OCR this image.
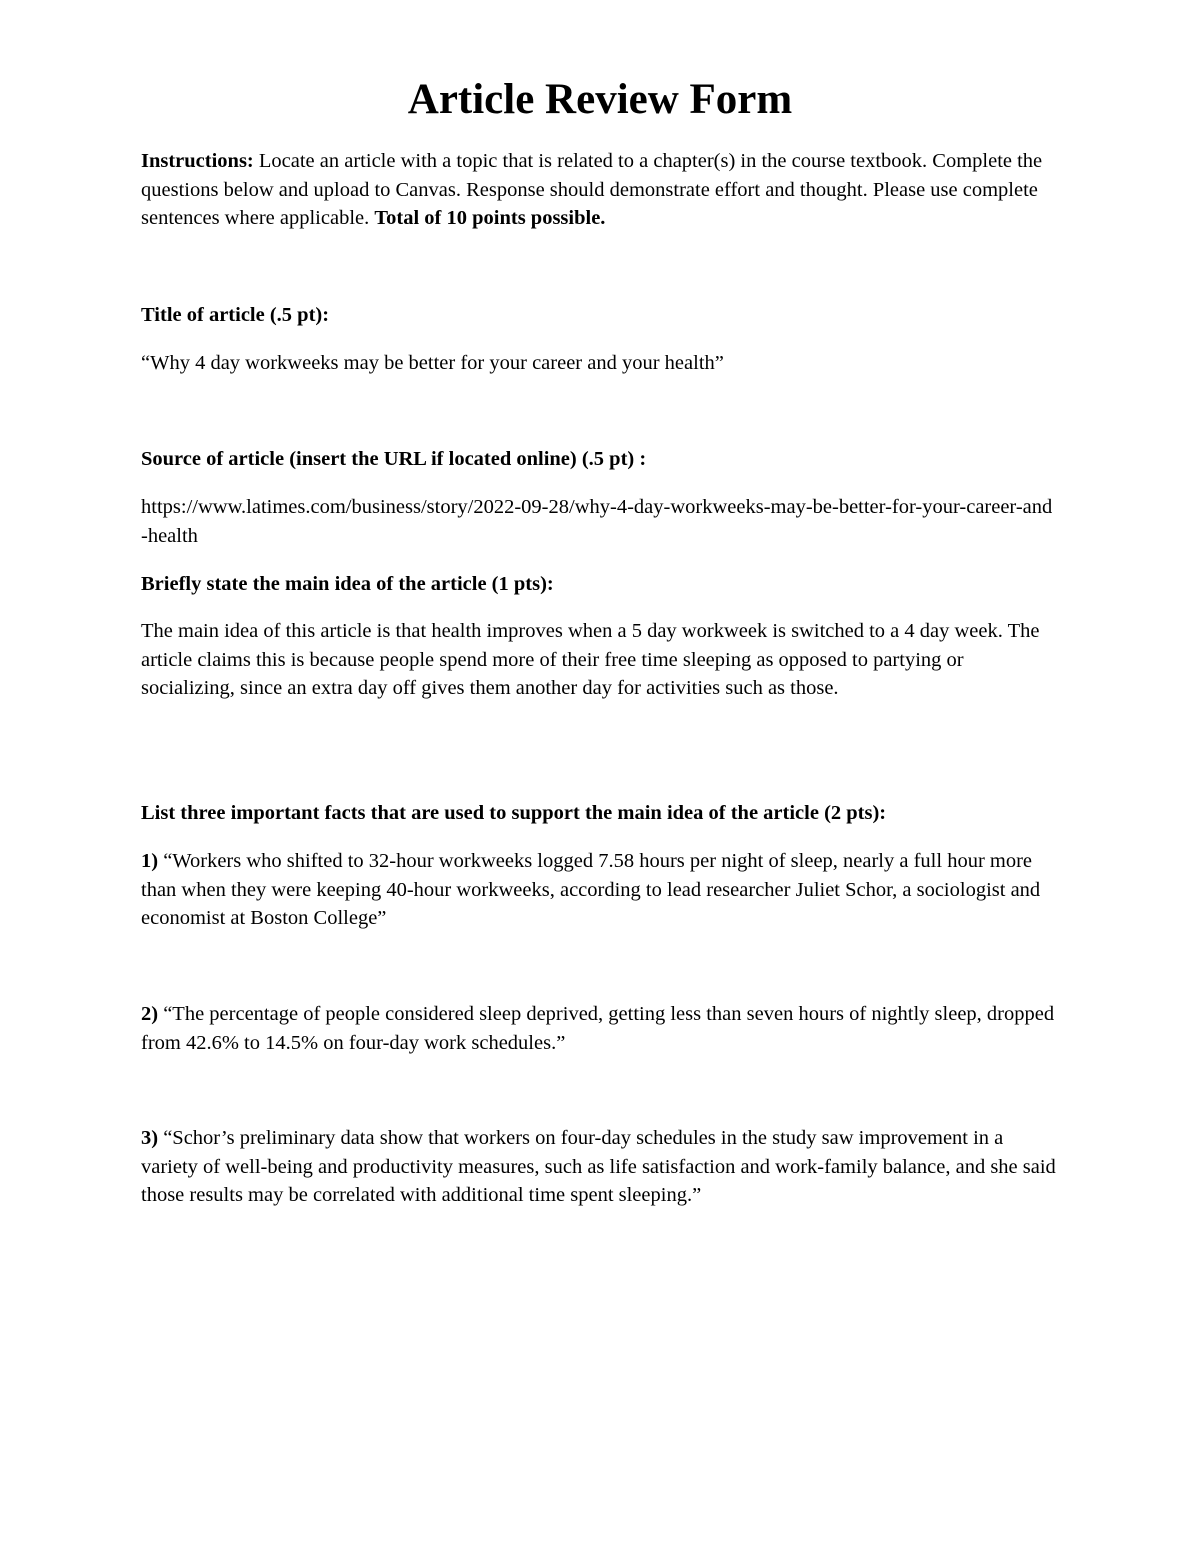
Article Review Form

Instructions: Locate an article with a topic that is related to a chapter(s) in the course textbook. Complete the questions below and upload to Canvas. Response should demonstrate effort and thought. Please use complete sentences where applicable. Total of 10 points possible.

Title of article (.5 pt):

“Why 4 day workweeks may be better for your career and your health”

Source of article (insert the URL if located online) (.5 pt) :

https://www.latimes.com/business/story/2022-09-28/why-4-day-workweeks-may-be-better-for-your-career-and-health

Briefly state the main idea of the article (1 pts):

The main idea of this article is that health improves when a 5 day workweek is switched to a 4 day week. The article claims this is because people spend more of their free time sleeping as opposed to partying or socializing, since an extra day off gives them another day for activities such as those.

List three important facts that are used to support the main idea of the article (2 pts):

1) “Workers who shifted to 32-hour workweeks logged 7.58 hours per night of sleep, nearly a full hour more than when they were keeping 40-hour workweeks, according to lead researcher Juliet Schor, a sociologist and economist at Boston College”

2) “The percentage of people considered sleep deprived, getting less than seven hours of nightly sleep, dropped from 42.6% to 14.5% on four-day work schedules.”

3) “Schor’s preliminary data show that workers on four-day schedules in the study saw improvement in a variety of well-being and productivity measures, such as life satisfaction and work-family balance, and she said those results may be correlated with additional time spent sleeping.”
